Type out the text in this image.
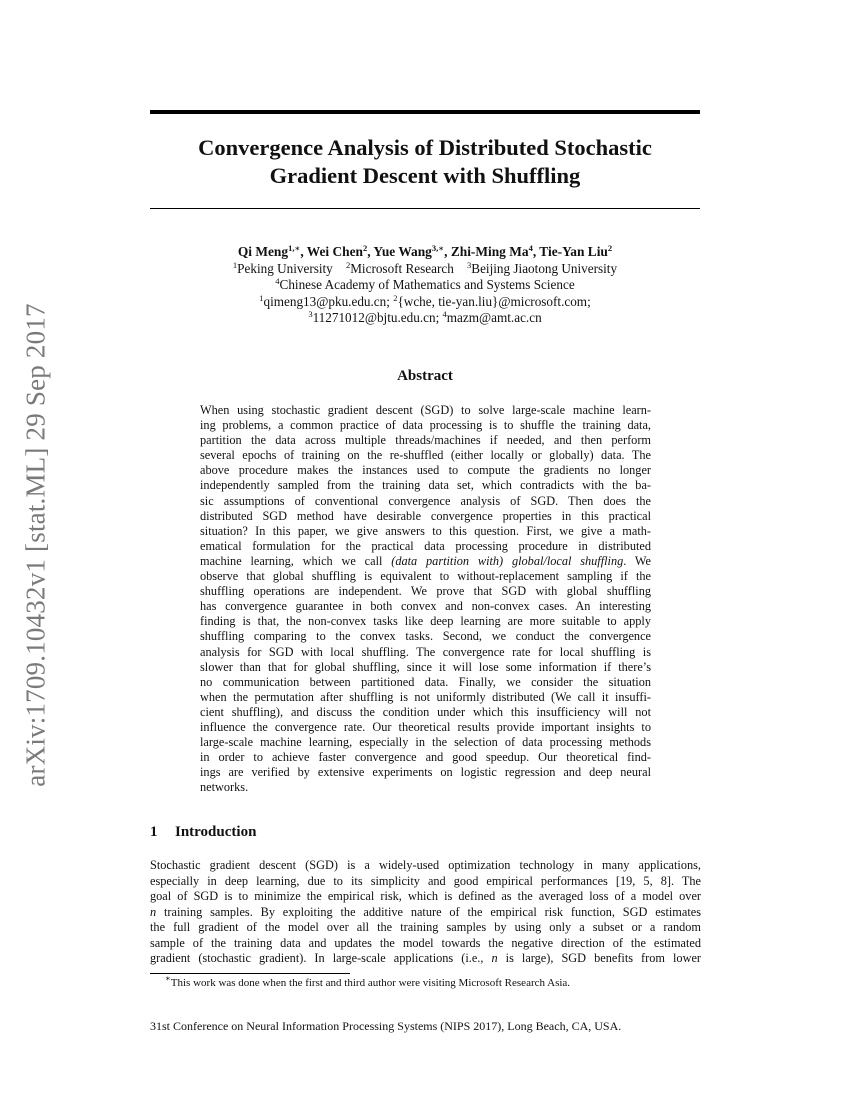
arXiv:1709.10432v1 [stat.ML] 29 Sep 2017
Convergence Analysis of Distributed Stochastic
Gradient Descent with Shuffling
Qi Meng$^{1,∗}$, Wei Chen$^2$, Yue Wang$^{3,∗}$, Zhi-Ming Ma$^4$, Tie-Yan Liu$^2$
$^1$Peking University $^2$Microsoft Research $^3$Beijing Jiaotong University
$^4$Chinese Academy of Mathematics and Systems Science
$^1$qimeng13@pku.edu.cn; $^2${wche, tie-yan.liu}@microsoft.com;
$^3$11271012@bjtu.edu.cn; $^4$mazm@amt.ac.cn
Abstract
When using stochastic gradient descent (SGD) to solve large-scale machine learn-
ing problems, a common practice of data processing is to shuffle the training data,
partition the data across multiple threads/machines if needed, and then perform
several epochs of training on the re-shuffled (either locally or globally) data. The
above procedure makes the instances used to compute the gradients no longer
independently sampled from the training data set, which contradicts with the ba-
sic assumptions of conventional convergence analysis of SGD. Then does the
distributed SGD method have desirable convergence properties in this practical
situation? In this paper, we give answers to this question. First, we give a math-
ematical formulation for the practical data processing procedure in distributed
machine learning, which we call (data partition with) global/local shuffling. We
observe that global shuffling is equivalent to without-replacement sampling if the
shuffling operations are independent. We prove that SGD with global shuffling
has convergence guarantee in both convex and non-convex cases. An interesting
finding is that, the non-convex tasks like deep learning are more suitable to apply
shuffling comparing to the convex tasks. Second, we conduct the convergence
analysis for SGD with local shuffling. The convergence rate for local shuffling is
slower than that for global shuffling, since it will lose some information if there’s
no communication between partitioned data. Finally, we consider the situation
when the permutation after shuffling is not uniformly distributed (We call it insuffi-
cient shuffling), and discuss the condition under which this insufficiency will not
influence the convergence rate. Our theoretical results provide important insights to
large-scale machine learning, especially in the selection of data processing methods
in order to achieve faster convergence and good speedup. Our theoretical find-
ings are verified by extensive experiments on logistic regression and deep neural
networks.
1 Introduction
Stochastic gradient descent (SGD) is a widely-used optimization technology in many applications,
especially in deep learning, due to its simplicity and good empirical performances [19, 5, 8]. The
goal of SGD is to minimize the empirical risk, which is defined as the averaged loss of a model over
n training samples. By exploiting the additive nature of the empirical risk function, SGD estimates
the full gradient of the model over all the training samples by using only a subset or a random
sample of the training data and updates the model towards the negative direction of the estimated
gradient (stochastic gradient). In large-scale applications (i.e., n is large), SGD benefits from lower
∗This work was done when the first and third author were visiting Microsoft Research Asia.
31st Conference on Neural Information Processing Systems (NIPS 2017), Long Beach, CA, USA.
